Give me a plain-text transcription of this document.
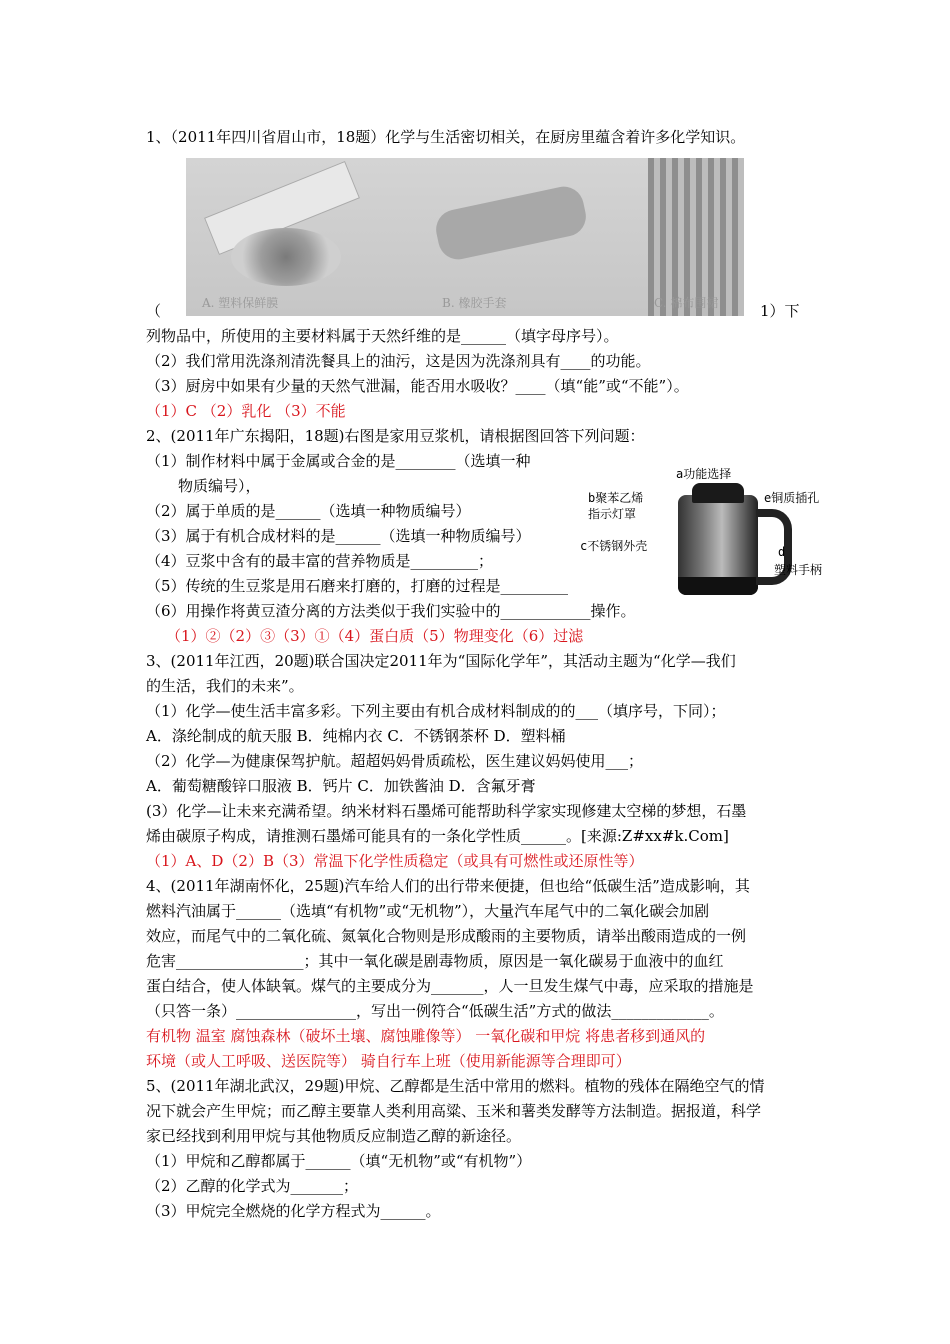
1、（2011年四川省眉山市，18题）化学与生活密切相关，在厨房里蕴含着许多化学知识。
A. 塑料保鲜膜	B. 橡胶手套	C. 棉布围裙
（	1）下
列物品中，所使用的主要材料属于天然纤维的是______（填字母序号）。
（2）我们常用洗涤剂清洗餐具上的油污，这是因为洗涤剂具有____的功能。
（3）厨房中如果有少量的天然气泄漏，能否用水吸收？____（填“能”或“不能”）。
（1）C （2）乳化 （3）不能
2、(2011年广东揭阳，18题)右图是家用豆浆机，请根据图回答下列问题：
（1）制作材料中属于金属或合金的是________（选填一种
物质编号），
（2）属于单质的是______（选填一种物质编号）
（3）属于有机合成材料的是______（选填一种物质编号）
（4）豆浆中含有的最丰富的营养物质是_________；
（5）传统的生豆浆是用石磨来打磨的，打磨的过程是_________
（6）用操作将黄豆渣分离的方法类似于我们实验中的____________操作。
（1）②（2）③（3）①（4）蛋白质（5）物理变化（6）过滤
a功能选择
b聚苯乙烯
指示灯罩
e铜质插孔
c不锈钢外壳	d
塑料手柄
3、(2011年江西，20题)联合国决定2011年为“国际化学年”，其活动主题为“化学—我们
的生活，我们的未来”。
（1）化学—使生活丰富多彩。下列主要由有机合成材料制成的的___（填序号，下同）；
A．涤纶制成的航天服 B．纯棉内衣 C．不锈钢茶杯 D．塑料桶
（2）化学—为健康保驾护航。超超妈妈骨质疏松，医生建议妈妈使用___；
A．葡萄糖酸锌口服液 B．钙片 C．加铁酱油 D．含氟牙膏
(3）化学—让未来充满希望。纳米材料石墨烯可能帮助科学家实现修建太空梯的梦想，石墨
烯由碳原子构成，请推测石墨烯可能具有的一条化学性质______。[来源:Z#xx#k.Com]
（1）A、D（2）B（3）常温下化学性质稳定（或具有可燃性或还原性等）
4、(2011年湖南怀化，25题)汽车给人们的出行带来便捷，但也给“低碳生活”造成影响，其
燃料汽油属于______（选填“有机物”或“无机物”），大量汽车尾气中的二氧化碳会加剧
效应，而尾气中的二氧化硫、氮氧化合物则是形成酸雨的主要物质，请举出酸雨造成的一例
危害_________________；其中一氧化碳是剧毒物质，原因是一氧化碳易于血液中的血红
蛋白结合，使人体缺氧。煤气的主要成分为_______，人一旦发生煤气中毒，应采取的措施是
（只答一条）________________，写出一例符合“低碳生活”方式的做法_____________。
有机物 温室 腐蚀森林（破坏土壤、腐蚀雕像等） 一氧化碳和甲烷 将患者移到通风的
环境（或人工呼吸、送医院等） 骑自行车上班（使用新能源等合理即可）
5、(2011年湖北武汉，29题)甲烷、乙醇都是生活中常用的燃料。植物的残体在隔绝空气的情
况下就会产生甲烷；而乙醇主要靠人类利用高粱、玉米和薯类发酵等方法制造。据报道，科学
家已经找到利用甲烷与其他物质反应制造乙醇的新途径。
（1）甲烷和乙醇都属于______（填“无机物”或“有机物”）
（2）乙醇的化学式为_______；
（3）甲烷完全燃烧的化学方程式为______。
